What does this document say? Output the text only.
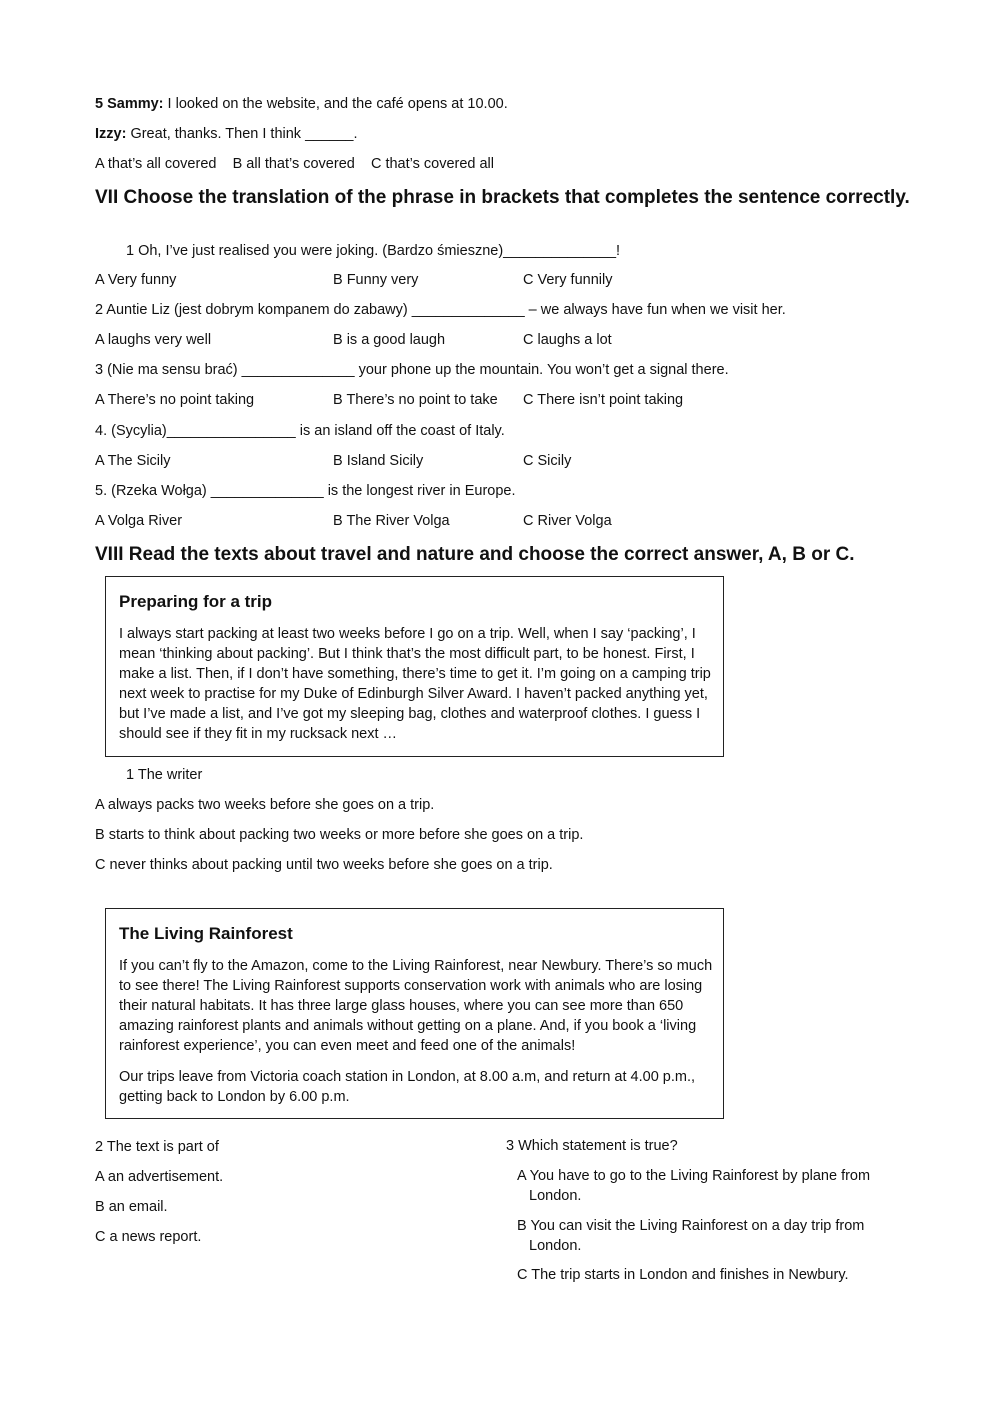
5 Sammy: I looked on the website, and the café opens at 10.00.
Izzy: Great, thanks. Then I think ______.
A that’s all covered B all that’s covered C that’s covered all
VII Choose the translation of the phrase in brackets that completes the sentence correctly.
1 Oh, I’ve just realised you were joking. (Bardzo śmieszne)______________!
A Very funny	B Funny very	C Very funnily
2 Auntie Liz (jest dobrym kompanem do zabawy) ______________ – we always have fun when we visit her.
A laughs very well	B is a good laugh	C laughs a lot
3 (Nie ma sensu brać) ______________ your phone up the mountain. You won’t get a signal there.
A There’s no point taking	B There’s no point to take C There isn’t point taking
4. (Sycylia)________________ is an island off the coast of Italy.
A The Sicily	B Island Sicily	C Sicily
5. (Rzeka Wołga) ______________ is the longest river in Europe.
A Volga River	B The River Volga	C River Volga
VIII Read the texts about travel and nature and choose the correct answer, A, B or C.
Preparing for a trip
I always start packing at least two weeks before I go on a trip. Well, when I say ‘packing’, I mean ‘thinking about packing’. But I think that’s the most difficult part, to be honest. First, I make a list. Then, if I don’t have something, there’s time to get it. I’m going on a camping trip next week to practise for my Duke of Edinburgh Silver Award. I haven’t packed anything yet, but I’ve made a list, and I’ve got my sleeping bag, clothes and waterproof clothes. I guess I should see if they fit in my rucksack next …
1 The writer
A always packs two weeks before she goes on a trip.
B starts to think about packing two weeks or more before she goes on a trip.
C never thinks about packing until two weeks before she goes on a trip.
The Living Rainforest
If you can’t fly to the Amazon, come to the Living Rainforest, near Newbury. There’s so much to see there! The Living Rainforest supports conservation work with animals who are losing their natural habitats. It has three large glass houses, where you can see more than 650 amazing rainforest plants and animals without getting on a plane. And, if you book a ‘living rainforest experience’, you can even meet and feed one of the animals!
Our trips leave from Victoria coach station in London, at 8.00 a.m, and return at 4.00 p.m., getting back to London by 6.00 p.m.
2 The text is part of
A an advertisement.
B an email.
C a news report.
3 Which statement is true?
A You have to go to the Living Rainforest by plane from London.
B You can visit the Living Rainforest on a day trip from London.
C The trip starts in London and finishes in Newbury.
